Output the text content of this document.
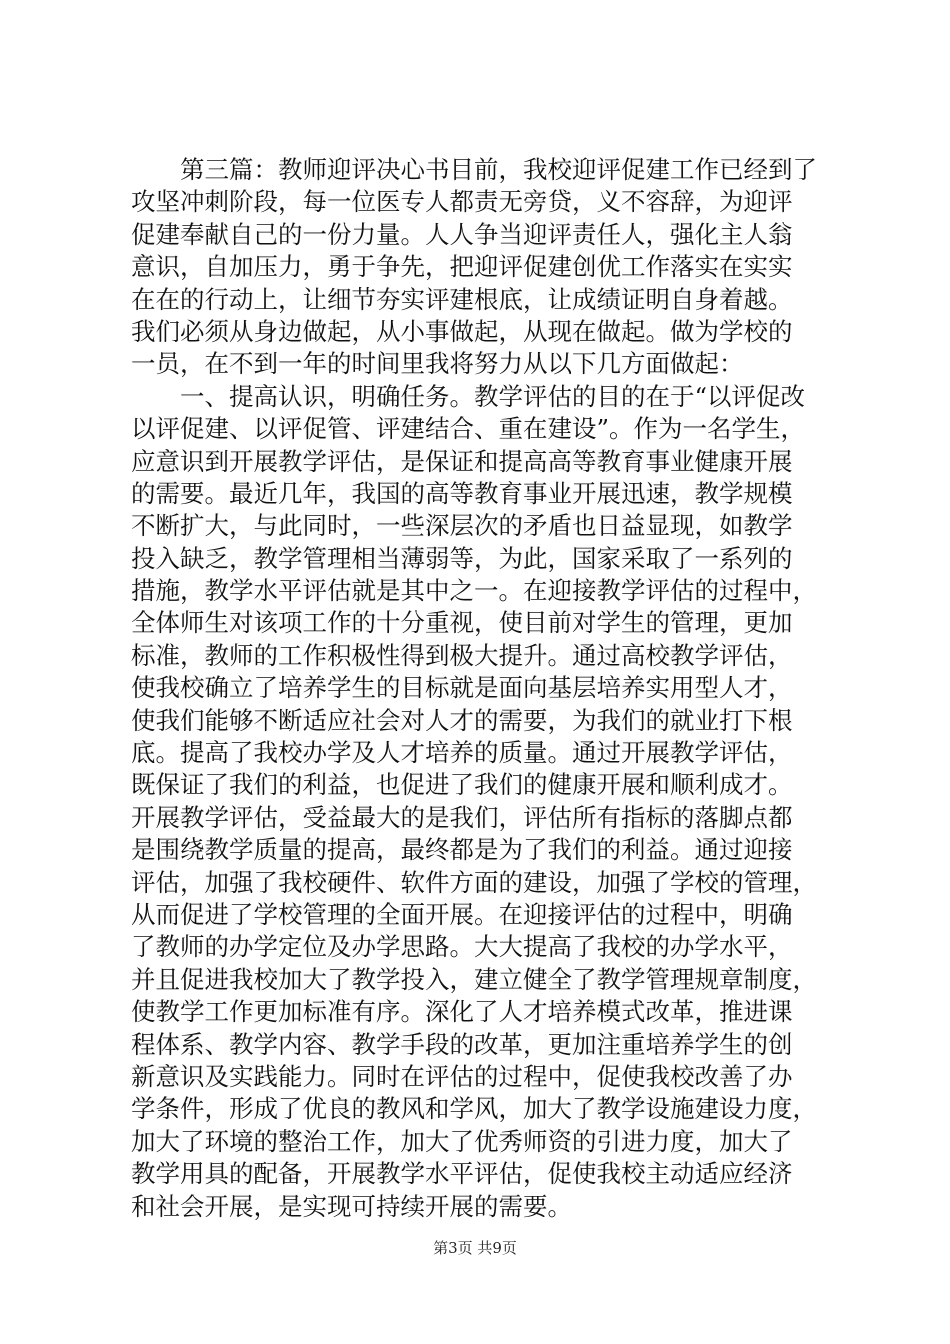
　　第三篇：教师迎评决心书目前，我校迎评促建工作已经到了
攻坚冲刺阶段，每一位医专人都责无旁贷，义不容辞，为迎评
促建奉献自己的一份力量。人人争当迎评责任人，强化主人翁
意识，自加压力，勇于争先，把迎评促建创优工作落实在实实
在在的行动上，让细节夯实评建根底，让成绩证明自身着越。
我们必须从身边做起，从小事做起，从现在做起。做为学校的
一员，在不到一年的时间里我将努力从以下几方面做起：
　　一、提高认识，明确任务。教学评估的目的在于“以评促改
以评促建、以评促管、评建结合、重在建设”。作为一名学生，
应意识到开展教学评估，是保证和提高高等教育事业健康开展
的需要。最近几年，我国的高等教育事业开展迅速，教学规模
不断扩大，与此同时，一些深层次的矛盾也日益显现，如教学
投入缺乏，教学管理相当薄弱等，为此，国家采取了一系列的
措施，教学水平评估就是其中之一。在迎接教学评估的过程中，
全体师生对该项工作的十分重视，使目前对学生的管理，更加
标准，教师的工作积极性得到极大提升。通过高校教学评估，
使我校确立了培养学生的目标就是面向基层培养实用型人才，
使我们能够不断适应社会对人才的需要，为我们的就业打下根
底。提高了我校办学及人才培养的质量。通过开展教学评估，
既保证了我们的利益，也促进了我们的健康开展和顺利成才。
开展教学评估，受益最大的是我们，评估所有指标的落脚点都
是围绕教学质量的提高，最终都是为了我们的利益。通过迎接
评估，加强了我校硬件、软件方面的建设，加强了学校的管理，
从而促进了学校管理的全面开展。在迎接评估的过程中，明确
了教师的办学定位及办学思路。大大提高了我校的办学水平，
并且促进我校加大了教学投入，建立健全了教学管理规章制度，
使教学工作更加标准有序。深化了人才培养模式改革，推进课
程体系、教学内容、教学手段的改革，更加注重培养学生的创
新意识及实践能力。同时在评估的过程中，促使我校改善了办
学条件，形成了优良的教风和学风，加大了教学设施建设力度，
加大了环境的整治工作，加大了优秀师资的引进力度，加大了
教学用具的配备，开展教学水平评估，促使我校主动适应经济
和社会开展，是实现可持续开展的需要。
第3页 共9页
